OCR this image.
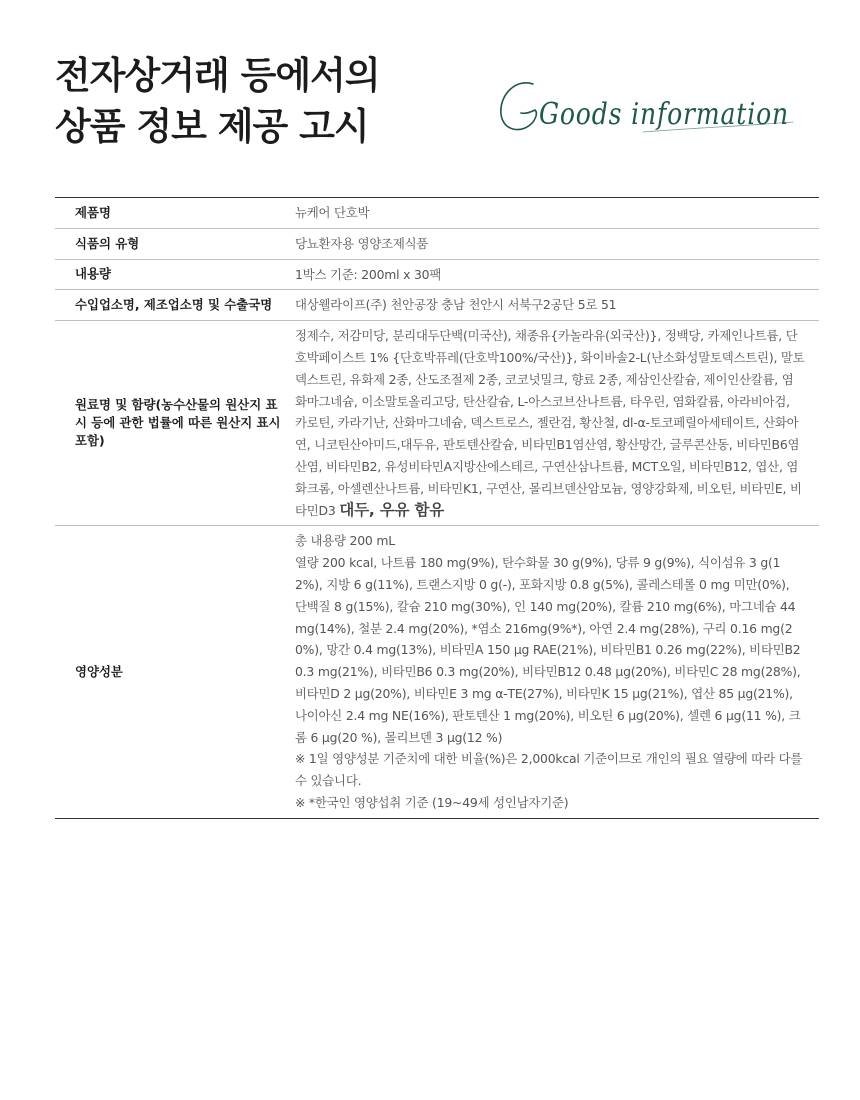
전자상거래 등에서의
상품 정보 제공 고시	Goods information
제품명	뉴케어 단호박
식품의 유형	당뇨환자용 영양조제식품
내용량	1박스 기준: 200ml x 30팩
수입업소명, 제조업소명 및 수출국명	대상웰라이프(주) 천안공장 충남 천안시 서북구2공단 5로 51
원료명 및 함량(농수산물의 원산지 표시 등에 관한 법률에 따른 원산지 표시 포함)	정제수, 저감미당, 분리대두단백(미국산), 채종유{카놀라유(외국산)}, 정백당, 카제인나트륨, 단호박페이스트 1% {단호박퓨레(단호박100%/국산)}, 화이바솔2-L(난소화성말토덱스트린), 말토덱스트린, 유화제 2종, 산도조절제 2종, 코코넛밀크, 향료 2종, 제삼인산칼슘, 제이인산칼륨, 염화마그네슘, 이소말토올리고당, 탄산칼슘, L-아스코브산나트륨, 타우린, 염화칼륨, 아라비아검, 카로틴, 카라기난, 산화마그네슘, 덱스트로스, 젤란검, 황산철, dl-α-토코페릴아세테이트, 산화아연, 니코틴산아미드,대두유, 판토텐산칼슘, 비타민B1염산염, 황산망간, 글루콘산동, 비타민B6염산염, 비타민B2, 유성비타민A지방산에스테르, 구연산삼나트륨, MCT오일, 비타민B12, 엽산, 염화크롬, 아셀렌산나트륨, 비타민K1, 구연산, 몰리브덴산암모늄, 영양강화제, 비오틴, 비타민E, 비타민D3 대두, 우유 함유
영양성분	총 내용량 200 mL
열량 200 kcal, 나트륨 180 mg(9%), 탄수화물 30 g(9%), 당류 9 g(9%), 식이섬유 3 g(12%), 지방 6 g(11%), 트랜스지방 0 g(-), 포화지방 0.8 g(5%), 콜레스테롤 0 mg 미만(0%), 단백질 8 g(15%), 칼슘 210 mg(30%), 인 140 mg(20%), 칼륨 210 mg(6%), 마그네슘 44 mg(14%), 철분 2.4 mg(20%), *염소 216mg(9%*), 아연 2.4 mg(28%), 구리 0.16 mg(20%), 망간 0.4 mg(13%), 비타민A 150 μg RAE(21%), 비타민B1 0.26 mg(22%), 비타민B2 0.3 mg(21%), 비타민B6 0.3 mg(20%), 비타민B12 0.48 μg(20%), 비타민C 28 mg(28%), 비타민D 2 μg(20%), 비타민E 3 mg α-TE(27%), 비타민K 15 μg(21%), 엽산 85 μg(21%), 나이아신 2.4 mg NE(16%), 판토텐산 1 mg(20%), 비오틴 6 μg(20%), 셀렌 6 μg(11 %), 크롬 6 μg(20 %), 몰리브덴 3 μg(12 %)
※ 1일 영양성분 기준치에 대한 비율(%)은 2,000kcal 기준이므로 개인의 필요 열량에 따라 다를 수 있습니다.
※ *한국인 영양섭취 기준 (19~49세 성인남자기준)
